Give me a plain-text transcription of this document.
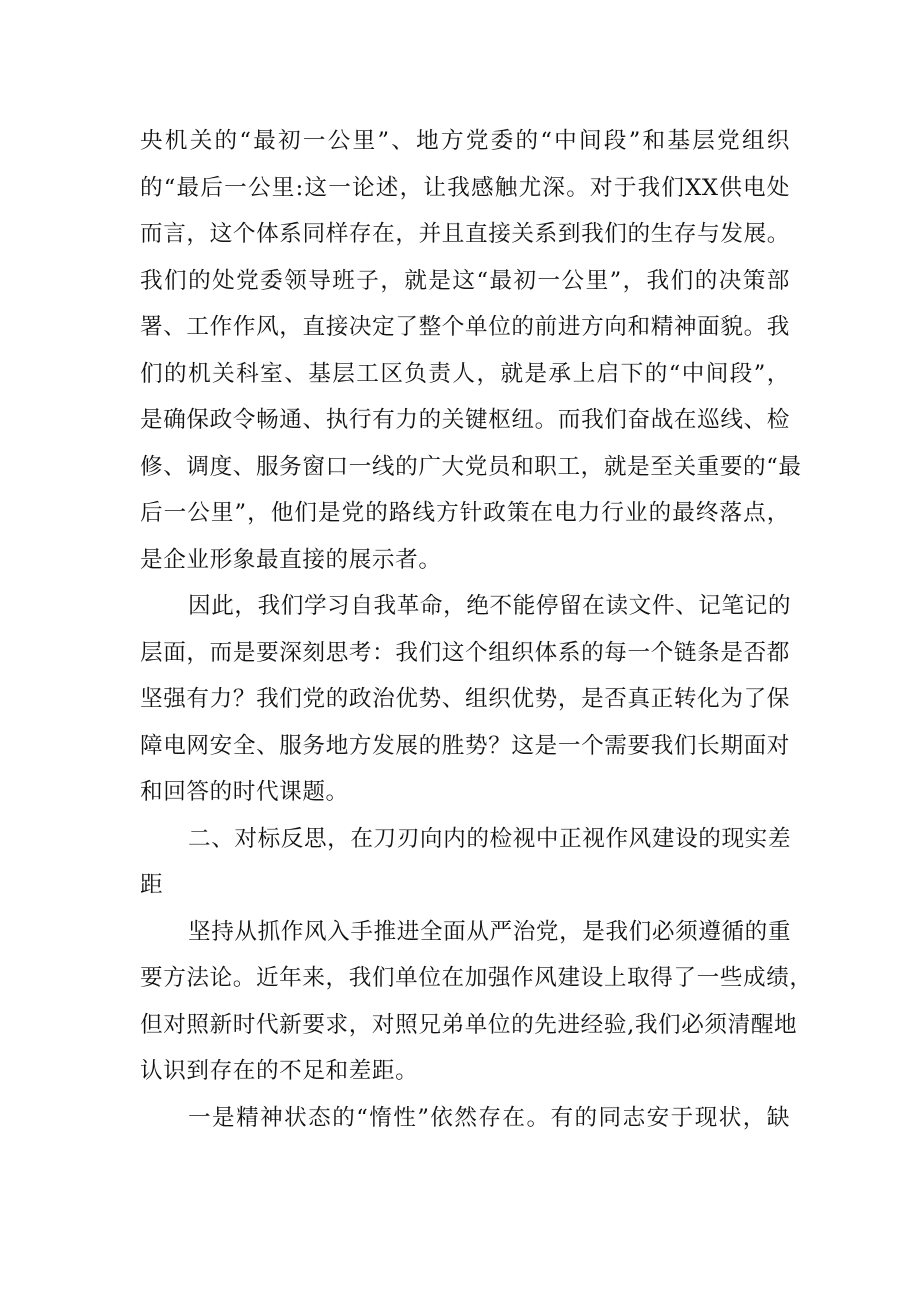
央机关的“最初一公里”、地方党委的“中间段”和基层党组织
的“最后一公里:这一论述，让我感触尤深。对于我们XX供电处
而言，这个体系同样存在，并且直接关系到我们的生存与发展。
我们的处党委领导班子，就是这“最初一公里”，我们的决策部
署、工作作风，直接决定了整个单位的前进方向和精神面貌。我
们的机关科室、基层工区负责人，就是承上启下的“中间段”，
是确保政令畅通、执行有力的关键枢纽。而我们奋战在巡线、检
修、调度、服务窗口一线的广大党员和职工，就是至关重要的“最
后一公里”，他们是党的路线方针政策在电力行业的最终落点，
是企业形象最直接的展示者。
因此，我们学习自我革命，绝不能停留在读文件、记笔记的
层面，而是要深刻思考：我们这个组织体系的每一个链条是否都
坚强有力？我们党的政治优势、组织优势，是否真正转化为了保
障电网安全、服务地方发展的胜势？这是一个需要我们长期面对
和回答的时代课题。
二、对标反思，在刀刃向内的检视中正视作风建设的现实差
距
坚持从抓作风入手推进全面从严治党，是我们必须遵循的重
要方法论。近年来，我们单位在加强作风建设上取得了一些成绩，
但对照新时代新要求，对照兄弟单位的先进经验,我们必须清醒地
认识到存在的不足和差距。
一是精神状态的“惰性”依然存在。有的同志安于现状，缺
